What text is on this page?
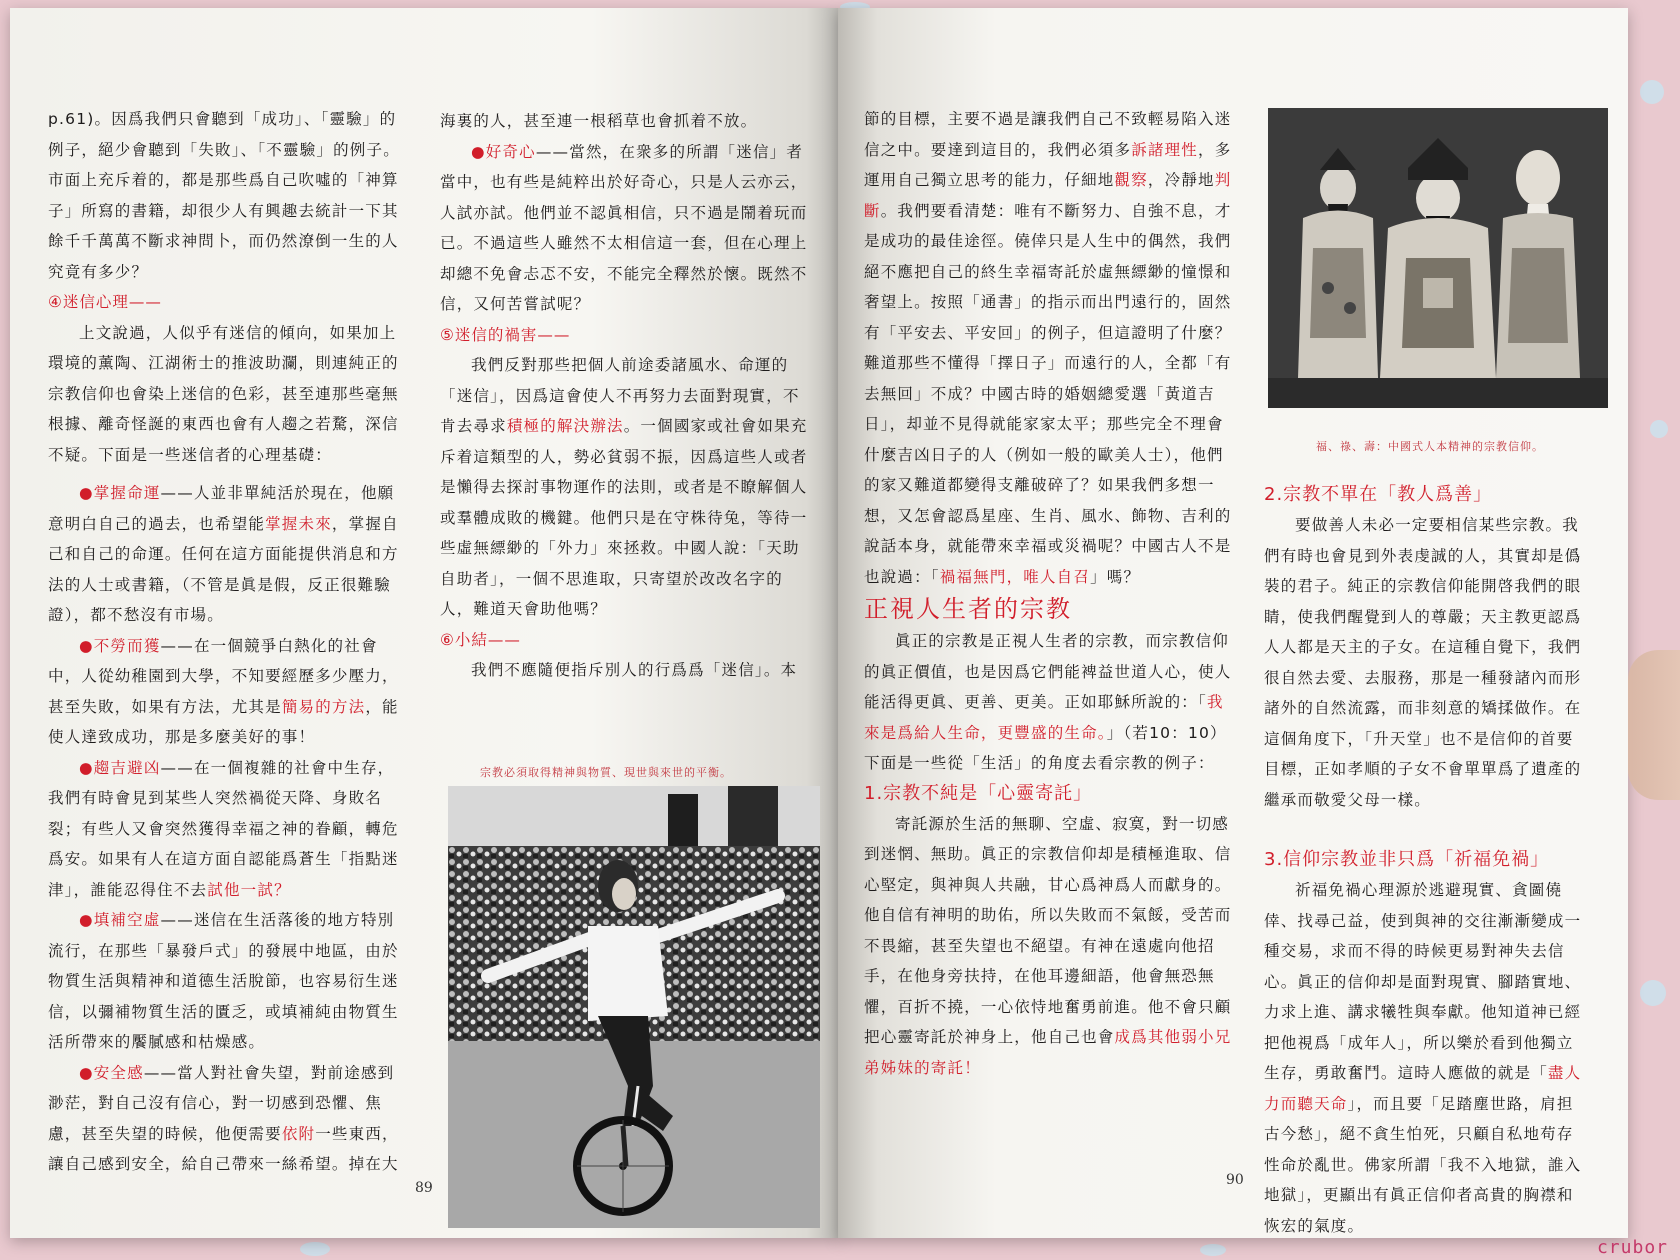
p.61)。因爲我們只會聽到「成功」、「靈驗」的例子，絕少會聽到「失敗」、「不靈驗」的例子。市面上充斥着的，都是那些爲自己吹噓的「神算子」所寫的書籍，却很少人有興趣去統計一下其餘千千萬萬不斷求神問卜，而仍然潦倒一生的人究竟有多少？

④迷信心理——

上文說過，人似乎有迷信的傾向，如果加上環境的薰陶、江湖術士的推波助瀾，則連純正的宗教信仰也會染上迷信的色彩，甚至連那些毫無根據、離奇怪誕的東西也會有人趨之若騖，深信不疑。下面是一些迷信者的心理基礎：

●掌握命運——人並非單純活於現在，他願意明白自己的過去，也希望能掌握未來，掌握自己和自己的命運。任何在這方面能提供消息和方法的人士或書籍，（不管是眞是假，反正很難驗證），都不愁沒有市場。

●不勞而獲——在一個競爭白熱化的社會中，人從幼稚園到大學，不知要經歷多少壓力，甚至失敗，如果有方法，尤其是簡易的方法，能使人達致成功，那是多麼美好的事！

●趨吉避凶——在一個複雜的社會中生存，我們有時會見到某些人突然禍從天降、身敗名裂；有些人又會突然獲得幸福之神的眷顧，轉危爲安。如果有人在這方面自認能爲蒼生「指點迷津」，誰能忍得住不去試他一試？

●填補空虛——迷信在生活落後的地方特別流行，在那些「暴發戶式」的發展中地區，由於物質生活與精神和道德生活脫節，也容易衍生迷信，以彌補物質生活的匱乏，或填補純由物質生活所帶來的饜膩感和枯燥感。

●安全感——當人對社會失望，對前途感到渺茫，對自己沒有信心，對一切感到恐懼、焦慮，甚至失望的時候，他便需要依附一些東西，讓自己感到安全，給自己帶來一絲希望。掉在大

海裏的人，甚至連一根稻草也會抓着不放。

●好奇心——當然，在衆多的所謂「迷信」者當中，也有些是純粹出於好奇心，只是人云亦云，人試亦試。他們並不認眞相信，只不過是鬧着玩而已。不過這些人雖然不太相信這一套，但在心理上却總不免會忐忑不安，不能完全釋然於懷。既然不信，又何苦嘗試呢？

⑤迷信的禍害——

我們反對那些把個人前途委諸風水、命運的「迷信」，因爲這會使人不再努力去面對現實，不肯去尋求積極的解決辦法。一個國家或社會如果充斥着這類型的人，勢必貧弱不振，因爲這些人或者是懶得去探討事物運作的法則，或者是不瞭解個人或羣體成敗的機鍵。他們只是在守株待兔，等待一些虛無縹緲的「外力」來拯救。中國人說：「天助自助者」，一個不思進取，只寄望於改改名字的人，難道天會助他嗎？

⑥小結——

我們不應隨便指斥別人的行爲爲「迷信」。本

宗教必須取得精神與物質、現世與來世的平衡。
89

節的目標，主要不過是讓我們自己不致輕易陷入迷信之中。要達到這目的，我們必須多訴諸理性，多運用自己獨立思考的能力，仔細地觀察，冷靜地判斷。我們要看清楚：唯有不斷努力、自強不息，才是成功的最佳途徑。僥倖只是人生中的偶然，我們絕不應把自己的終生幸福寄託於虛無縹緲的憧憬和奢望上。按照「通書」的指示而出門遠行的，固然有「平安去、平安回」的例子，但這證明了什麼？難道那些不懂得「擇日子」而遠行的人，全都「有去無回」不成？中國古時的婚姻總愛選「黃道吉日」，却並不見得就能家家太平；那些完全不理會什麼吉凶日子的人（例如一般的歐美人士），他們的家又難道都變得支離破碎了？如果我們多想一想，又怎會認爲星座、生肖、風水、飾物、吉利的說話本身，就能帶來幸福或災禍呢？中國古人不是也說過：「禍福無門，唯人自召」嗎？

正視人生者的宗教

眞正的宗教是正視人生者的宗教，而宗教信仰的眞正價值，也是因爲它們能裨益世道人心，使人能活得更眞、更善、更美。正如耶穌所說的：「我來是爲給人生命，更豐盛的生命。」（若10：10）下面是一些從「生活」的角度去看宗教的例子：

1.宗教不純是「心靈寄託」

寄託源於生活的無聊、空虛、寂寞，對一切感到迷惘、無助。眞正的宗教信仰却是積極進取、信心堅定，與神與人共融，甘心爲神爲人而獻身的。他自信有神明的助佑，所以失敗而不氣餒，受苦而不畏縮，甚至失望也不絕望。有神在遠處向他招手，在他身旁扶持，在他耳邊細語，他會無恐無懼，百折不撓，一心依恃地奮勇前進。他不會只顧把心靈寄託於神身上，他自己也會成爲其他弱小兄弟姊妹的寄託！

福、祿、壽：中國式人本精神的宗教信仰。

2.宗教不單在「教人爲善」

要做善人未必一定要相信某些宗教。我們有時也會見到外表虔誠的人，其實却是僞裝的君子。純正的宗教信仰能開啓我們的眼睛，使我們醒覺到人的尊嚴；天主教更認爲人人都是天主的子女。在這種自覺下，我們很自然去愛、去服務，那是一種發諸內而形諸外的自然流露，而非刻意的矯揉做作。在這個角度下，「升天堂」也不是信仰的首要目標，正如孝順的子女不會單單爲了遺產的繼承而敬愛父母一樣。

3.信仰宗教並非只爲「祈福免禍」

祈福免禍心理源於逃避現實、貪圖僥倖、找尋己益，使到與神的交往漸漸變成一種交易，求而不得的時候更易對神失去信心。眞正的信仰却是面對現實、腳踏實地、力求上進、講求犧牲與奉獻。他知道神已經把他視爲「成年人」，所以樂於看到他獨立生存，勇敢奮鬥。這時人應做的就是「盡人力而聽天命」，而且要「足踏塵世路，肩担古今愁」，絕不貪生怕死，只顧自私地苟存性命於亂世。佛家所謂「我不入地獄，誰入地獄」，更顯出有眞正信仰者高貴的胸襟和恢宏的氣度。

90
crubor
